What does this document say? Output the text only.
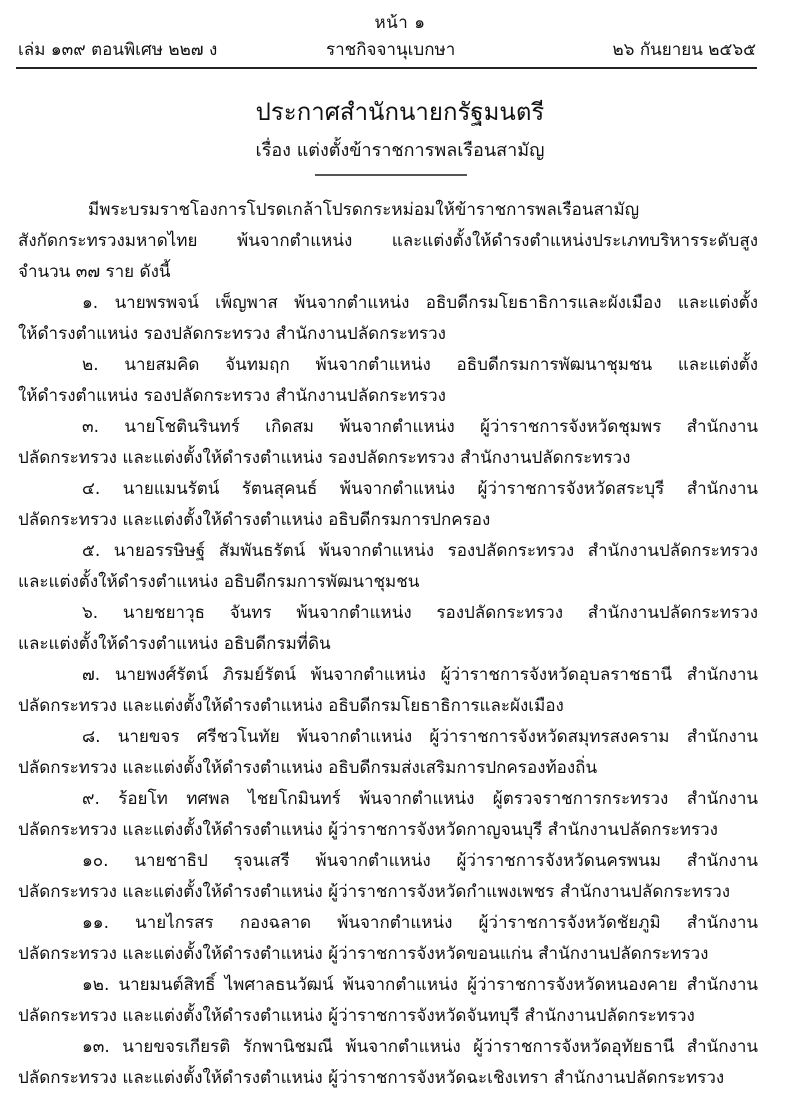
หน้า ๑
เล่ม ๑๓๙ ตอนพิเศษ ๒๒๗ ง	ราชกิจจานุเบกษา	๒๖ กันยายน ๒๕๖๕
ประกาศสำนักนายกรัฐมนตรี
เรื่อง แต่งตั้งข้าราชการพลเรือนสามัญ
มีพระบรมราชโองการโปรดเกล้าโปรดกระหม่อมให้ข้าราชการพลเรือนสามัญ
สังกัดกระทรวงมหาดไทย พ้นจากตำแหน่ง และแต่งตั้งให้ดำรงตำแหน่งประเภทบริหารระดับสูง
จำนวน ๓๗ ราย ดังนี้
๑. นายพรพจน์ เพ็ญพาส พ้นจากตำแหน่ง อธิบดีกรมโยธาธิการและผังเมือง และแต่งตั้ง
ให้ดำรงตำแหน่ง รองปลัดกระทรวง สำนักงานปลัดกระทรวง
๒. นายสมคิด จันทมฤก พ้นจากตำแหน่ง อธิบดีกรมการพัฒนาชุมชน และแต่งตั้ง
ให้ดำรงตำแหน่ง รองปลัดกระทรวง สำนักงานปลัดกระทรวง
๓. นายโชตินรินทร์ เกิดสม พ้นจากตำแหน่ง ผู้ว่าราชการจังหวัดชุมพร สำนักงาน
ปลัดกระทรวง และแต่งตั้งให้ดำรงตำแหน่ง รองปลัดกระทรวง สำนักงานปลัดกระทรวง
๔. นายแมนรัตน์ รัตนสุคนธ์ พ้นจากตำแหน่ง ผู้ว่าราชการจังหวัดสระบุรี สำนักงาน
ปลัดกระทรวง และแต่งตั้งให้ดำรงตำแหน่ง อธิบดีกรมการปกครอง
๕. นายอรรษิษฐ์ สัมพันธรัตน์ พ้นจากตำแหน่ง รองปลัดกระทรวง สำนักงานปลัดกระทรวง
และแต่งตั้งให้ดำรงตำแหน่ง อธิบดีกรมการพัฒนาชุมชน
๖. นายชยาวุธ จันทร พ้นจากตำแหน่ง รองปลัดกระทรวง สำนักงานปลัดกระทรวง
และแต่งตั้งให้ดำรงตำแหน่ง อธิบดีกรมที่ดิน
๗. นายพงศ์รัตน์ ภิรมย์รัตน์ พ้นจากตำแหน่ง ผู้ว่าราชการจังหวัดอุบลราชธานี สำนักงาน
ปลัดกระทรวง และแต่งตั้งให้ดำรงตำแหน่ง อธิบดีกรมโยธาธิการและผังเมือง
๘. นายขจร ศรีชวโนทัย พ้นจากตำแหน่ง ผู้ว่าราชการจังหวัดสมุทรสงคราม สำนักงาน
ปลัดกระทรวง และแต่งตั้งให้ดำรงตำแหน่ง อธิบดีกรมส่งเสริมการปกครองท้องถิ่น
๙. ร้อยโท ทศพล ไชยโกมินทร์ พ้นจากตำแหน่ง ผู้ตรวจราชการกระทรวง สำนักงาน
ปลัดกระทรวง และแต่งตั้งให้ดำรงตำแหน่ง ผู้ว่าราชการจังหวัดกาญจนบุรี สำนักงานปลัดกระทรวง
๑๐. นายชาธิป รุจนเสรี พ้นจากตำแหน่ง ผู้ว่าราชการจังหวัดนครพนม สำนักงาน
ปลัดกระทรวง และแต่งตั้งให้ดำรงตำแหน่ง ผู้ว่าราชการจังหวัดกำแพงเพชร สำนักงานปลัดกระทรวง
๑๑. นายไกรสร กองฉลาด พ้นจากตำแหน่ง ผู้ว่าราชการจังหวัดชัยภูมิ สำนักงาน
ปลัดกระทรวง และแต่งตั้งให้ดำรงตำแหน่ง ผู้ว่าราชการจังหวัดขอนแก่น สำนักงานปลัดกระทรวง
๑๒. นายมนต์สิทธิ์ ไพศาลธนวัฒน์ พ้นจากตำแหน่ง ผู้ว่าราชการจังหวัดหนองคาย สำนักงาน
ปลัดกระทรวง และแต่งตั้งให้ดำรงตำแหน่ง ผู้ว่าราชการจังหวัดจันทบุรี สำนักงานปลัดกระทรวง
๑๓. นายขจรเกียรติ รักพานิชมณี พ้นจากตำแหน่ง ผู้ว่าราชการจังหวัดอุทัยธานี สำนักงาน
ปลัดกระทรวง และแต่งตั้งให้ดำรงตำแหน่ง ผู้ว่าราชการจังหวัดฉะเชิงเทรา สำนักงานปลัดกระทรวง
